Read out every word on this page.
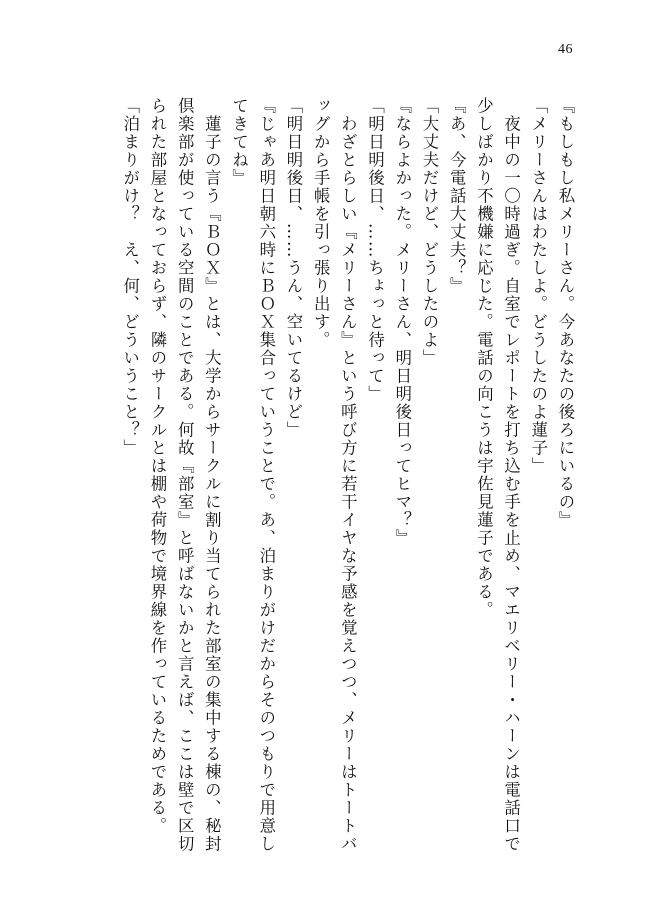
46
『もしもし私メリーさん。今あなたの後ろにいるの』
「メリーさんはわたしよ。どうしたのよ蓮子」
　夜中の一〇時過ぎ。自室でレポートを打ち込む手を止め、マエリベリー・ハーンは電話口で
少しばかり不機嫌に応じた。電話の向こうは宇佐見蓮子である。
『あ、今電話大丈夫？』
「大丈夫だけど、どうしたのよ」
『ならよかった。メリーさん、明日明後日ってヒマ？』
「明日明後日、……ちょっと待って」
　わざとらしい『メリーさん』という呼び方に若干イヤな予感を覚えつつ、メリーはトートバ
ッグから手帳を引っ張り出す。
「明日明後日、……うん、空いてるけど」
『じゃあ明日朝六時にＢＯＸ集合っていうことで。あ、泊まりがけだからそのつもりで用意し
てきてね』
　蓮子の言う『ＢＯＸ』とは、大学からサークルに割り当てられた部室の集中する棟の、秘封
倶楽部が使っている空間のことである。何故『部室』と呼ばないかと言えば、ここは壁で区切
られた部屋となっておらず、隣のサークルとは棚や荷物で境界線を作っているためである。
「泊まりがけ？　え、何、どういうこと？」
